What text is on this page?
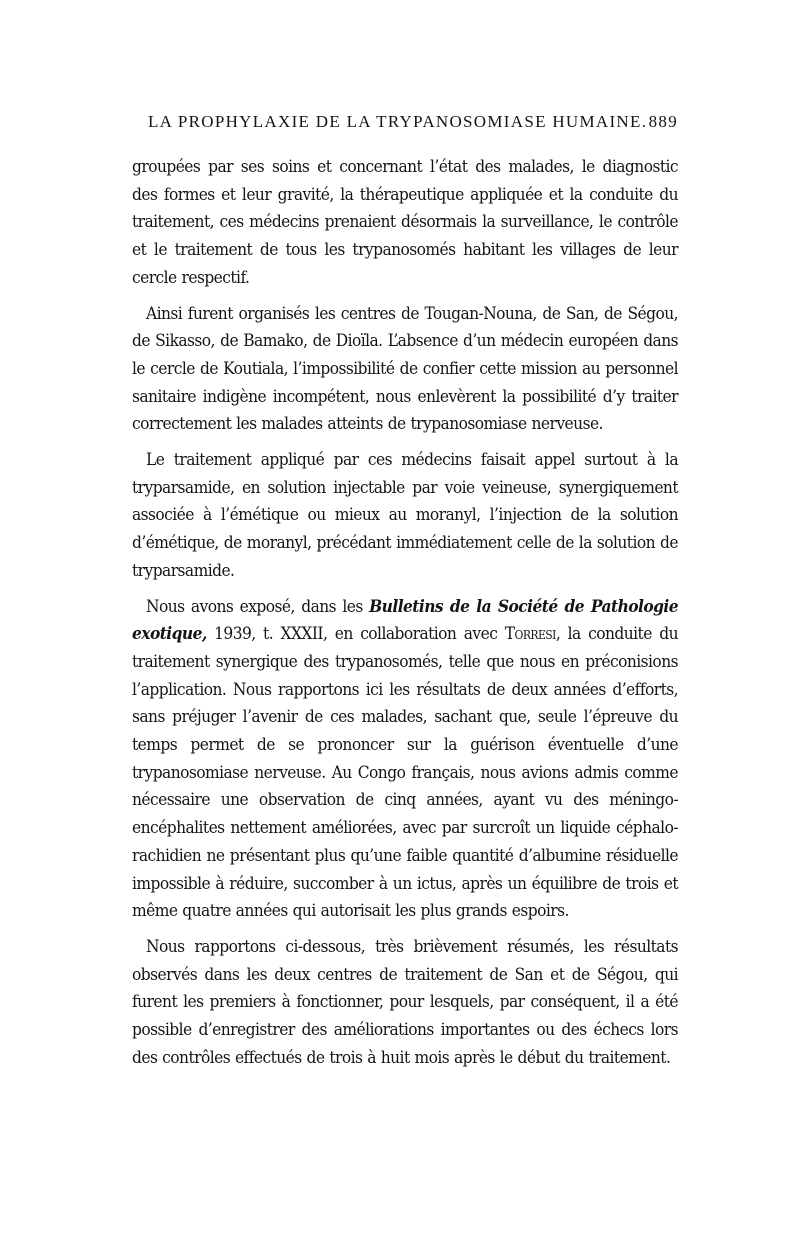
LA PROPHYLAXIE DE LA TRYPANOSOMIASE HUMAINE. 889

groupées par ses soins et concernant l’état des malades, le diagnostic des formes et leur gravité, la thérapeutique appliquée et la conduite du traitement, ces médecins prenaient désormais la surveillance, le contrôle et le traitement de tous les trypanosomés habitant les villages de leur cercle respectif.

Ainsi furent organisés les centres de Tougan-Nouna, de San, de Ségou, de Sikasso, de Bamako, de Dioïla. L’absence d’un médecin européen dans le cercle de Koutiala, l’impossibilité de confier cette mission au personnel sanitaire indigène incompétent, nous enlevèrent la possibilité d’y traiter correctement les malades atteints de trypanosomiase nerveuse.

Le traitement appliqué par ces médecins faisait appel surtout à la tryparsamide, en solution injectable par voie veineuse, synergiquement associée à l’émétique ou mieux au moranyl, l’injection de la solution d’émétique, de moranyl, précédant immédiatement celle de la solution de tryparsamide.

Nous avons exposé, dans les Bulletins de la Société de Pathologie exotique, 1939, t. XXXII, en collaboration avec Torresi, la conduite du traitement synergique des trypanosomés, telle que nous en préconisions l’application. Nous rapportons ici les résultats de deux années d’efforts, sans préjuger l’avenir de ces malades, sachant que, seule l’épreuve du temps permet de se prononcer sur la guérison éventuelle d’une trypanosomiase nerveuse. Au Congo français, nous avions admis comme nécessaire une observation de cinq années, ayant vu des méningo-encéphalites nettement améliorées, avec par surcroît un liquide céphalo-rachidien ne présentant plus qu’une faible quantité d’albumine résiduelle impossible à réduire, succomber à un ictus, après un équilibre de trois et même quatre années qui autorisait les plus grands espoirs.

Nous rapportons ci-dessous, très brièvement résumés, les résultats observés dans les deux centres de traitement de San et de Ségou, qui furent les premiers à fonctionner, pour lesquels, par conséquent, il a été possible d’enregistrer des améliorations importantes ou des échecs lors des contrôles effectués de trois à huit mois après le début du traitement.
